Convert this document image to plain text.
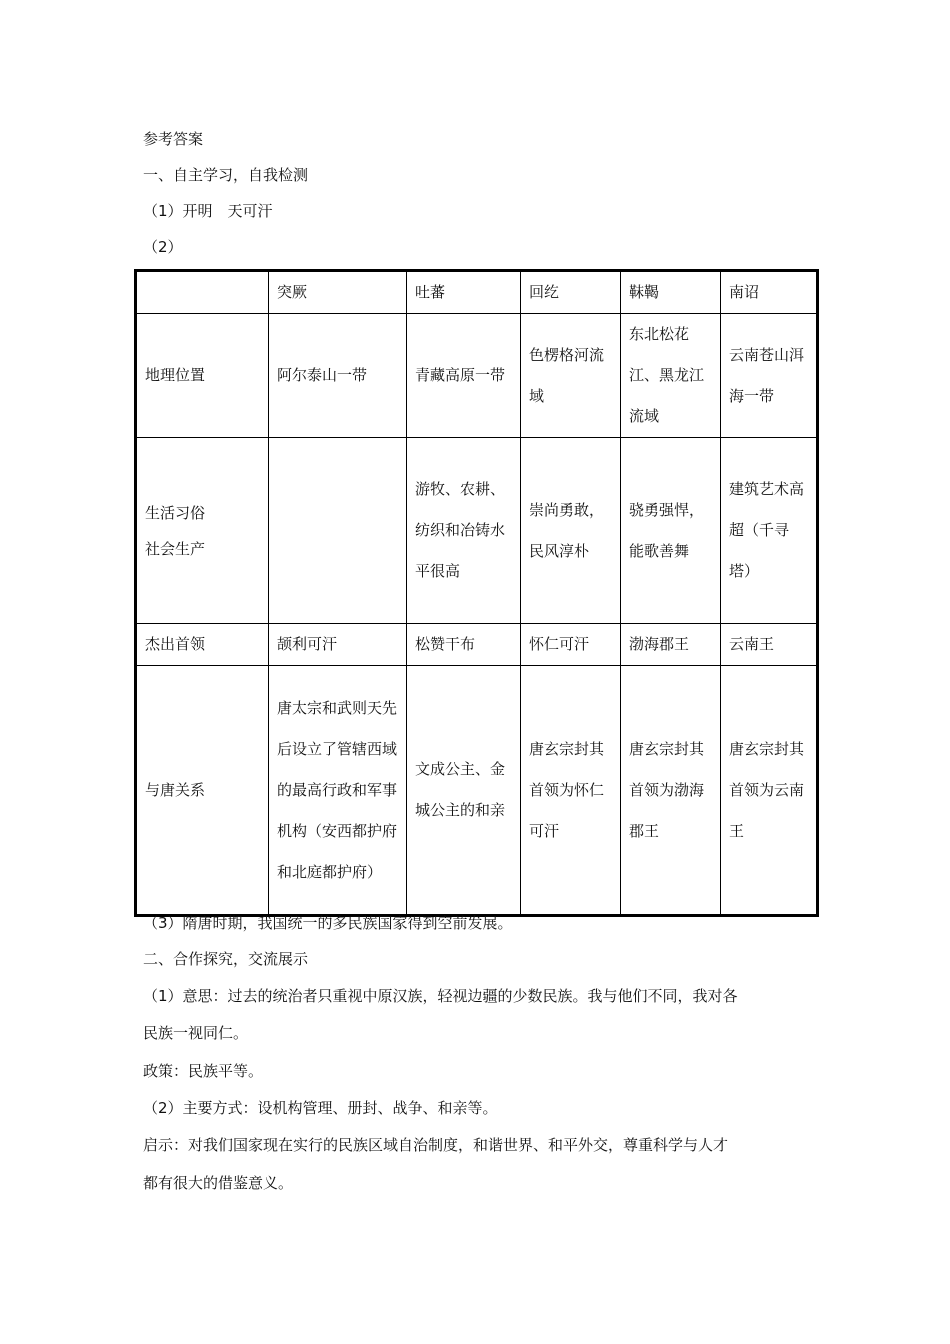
参考答案
一、自主学习，自我检测
（1）开明　天可汗
（2）
	突厥	吐蕃	回纥	靺鞨	南诏
地理位置	阿尔泰山一带	青藏高原一带	色楞格河流域	东北松花江、黑龙江流域	云南苍山洱海一带
生活习俗
社会生产		游牧、农耕、纺织和冶铸水平很高	崇尚勇敢，民风淳朴	骁勇强悍，能歌善舞	建筑艺术高超（千寻塔）
杰出首领	颉利可汗	松赞干布	怀仁可汗	渤海郡王	云南王
与唐关系	唐太宗和武则天先后设立了管辖西域的最高行政和军事机构（安西都护府和北庭都护府）	文成公主、金城公主的和亲	唐玄宗封其首领为怀仁可汗	唐玄宗封其首领为渤海郡王	唐玄宗封其首领为云南王
（3）隋唐时期，我国统一的多民族国家得到空前发展。
二、合作探究，交流展示
（1）意思：过去的统治者只重视中原汉族，轻视边疆的少数民族。我与他们不同，我对各
民族一视同仁。
政策：民族平等。
（2）主要方式：设机构管理、册封、战争、和亲等。
启示：对我们国家现在实行的民族区域自治制度，和谐世界、和平外交，尊重科学与人才
都有很大的借鉴意义。
